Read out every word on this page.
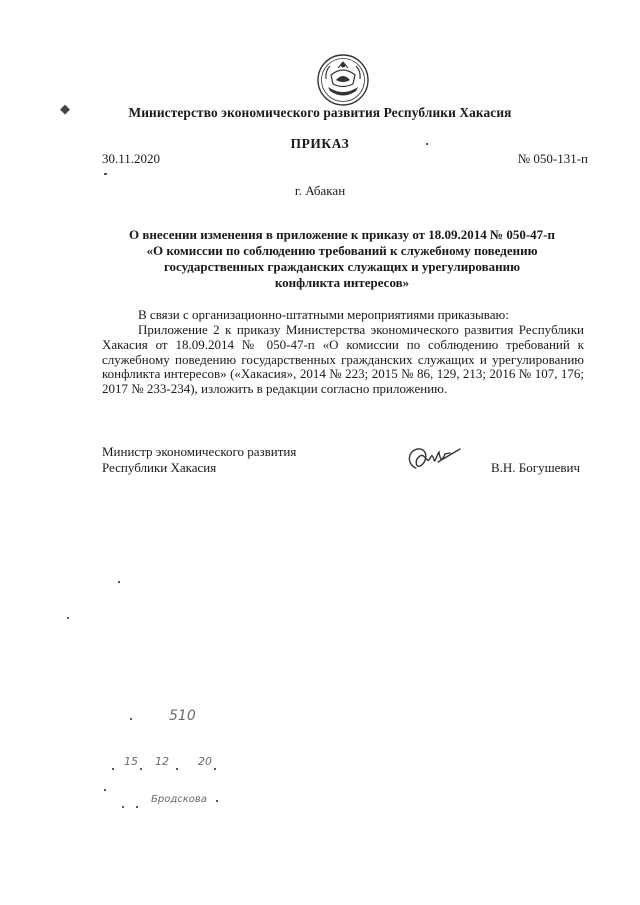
◆	Министерство экономического развития Республики Хакасия
ПРИКАЗ
30.11.2020	№ 050-131-п
г. Абакан
О внесении изменения в приложение к приказу от 18.09.2014 № 050-47-п
«О комиссии по соблюдению требований к служебному поведению
государственных гражданских служащих и урегулированию
конфликта интересов»
В связи с организационно-штатными мероприятиями приказываю:
Приложение 2 к приказу Министерства экономического развития Республики Хакасия от 18.09.2014 № 050-47-п «О комиссии по соблюдению требований к служебному поведению государственных гражданских служащих и урегулированию конфликта интересов» («Хакасия», 2014 № 223; 2015 № 86, 129, 213; 2016 № 107, 176; 2017 № 233-234), изложить в редакции согласно приложению.
Министр экономического развития
Республики Хакасия	В.Н. Богушевич
510
15 12	20
Бродскова
